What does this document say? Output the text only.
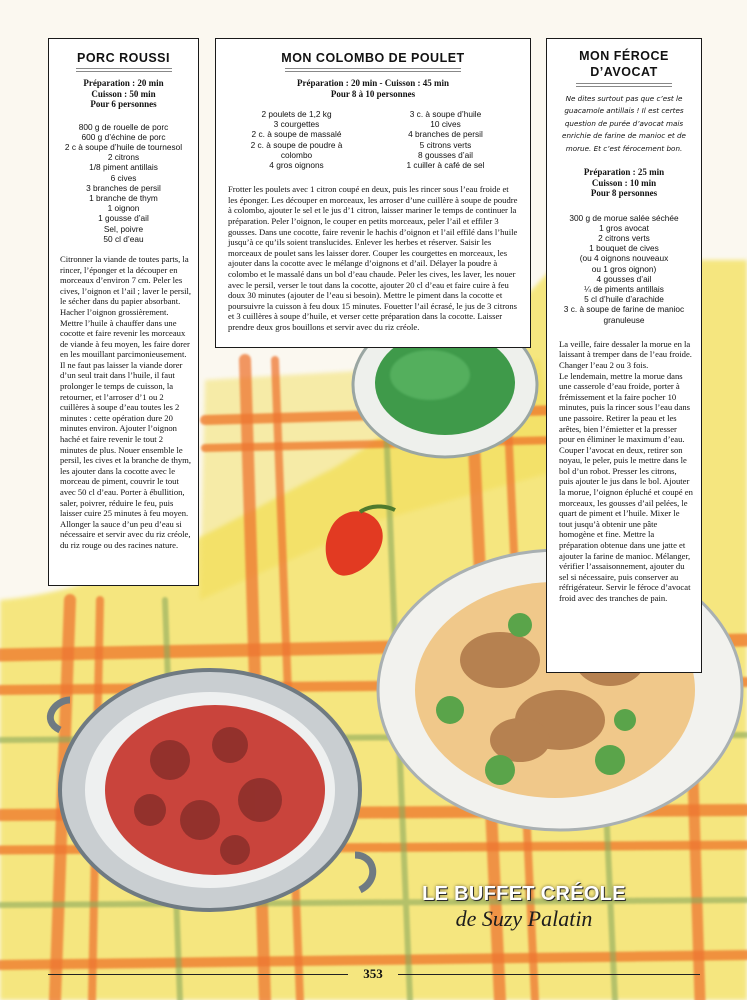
PORC ROUSSI
Préparation : 20 min
Cuisson : 50 min
Pour 6 personnes
800 g de rouelle de porc
600 g d’échine de porc
2 c à soupe d’huile de tournesol
2 citrons
1/8 piment antillais
6 cives
3 branches de persil
1 branche de thym
1 oignon
1 gousse d’ail
Sel, poivre
50 cl d’eau

Citronner la viande de toutes parts, la rincer, l’éponger et la découper en morceaux d’environ 7 cm. Peler les cives, l’oignon et l’ail ; laver le persil, le sécher dans du papier absorbant. Hacher l’oignon grossièrement. Mettre l’huile à chauffer dans une cocotte et faire revenir les morceaux de viande à feu moyen, les faire dorer en les mouillant parcimonieusement. Il ne faut pas laisser la viande dorer d’un seul trait dans l’huile, il faut prolonger le temps de cuisson, la retourner, et l’arroser d’1 ou 2 cuillères à soupe d’eau toutes les 2 minutes : cette opération dure 20 minutes environ. Ajouter l’oignon haché et faire revenir le tout 2 minutes de plus. Nouer ensemble le persil, les cives et la branche de thym, les ajouter dans la cocotte avec le morceau de piment, couvrir le tout avec 50 cl d’eau. Porter à ébullition, saler, poivrer, réduire le feu, puis laisser cuire 25 minutes à feu moyen. Allonger la sauce d’un peu d’eau si nécessaire et servir avec du riz créole, du riz rouge ou des racines nature.

MON COLOMBO DE POULET
Préparation : 20 min - Cuisson : 45 min
Pour 8 à 10 personnes
2 poulets de 1,2 kg
3 courgettes
2 c. à soupe de massalé
2 c. à soupe de poudre à
colombo
4 gros oignons
3 c. à soupe d’huile
10 cives
4 branches de persil
5 citrons verts
8 gousses d’ail
1 cuiller à café de sel

Frotter les poulets avec 1 citron coupé en deux, puis les rincer sous l’eau froide et les éponger. Les découper en morceaux, les arroser d’une cuillère à soupe de poudre à colombo, ajouter le sel et le jus d’1 citron, laisser mariner le temps de continuer la préparation. Peler l’oignon, le couper en petits morceaux, peler l’ail et effiler 3 gousses. Dans une cocotte, faire revenir le hachis d’oignon et l’ail effilé dans l’huile jusqu’à ce qu’ils soient translucides. Enlever les herbes et réserver. Saisir les morceaux de poulet sans les laisser dorer. Couper les courgettes en morceaux, les ajouter dans la cocotte avec le mélange d’oignons et d’ail. Délayer la poudre à colombo et le massalé dans un bol d’eau chaude. Peler les cives, les laver, les nouer avec le persil, verser le tout dans la cocotte, ajouter 20 cl d’eau et faire cuire à feu doux 30 minutes (ajouter de l’eau si besoin). Mettre le piment dans la cocotte et poursuivre la cuisson à feu doux 15 minutes. Fouetter l’ail écrasé, le jus de 3 citrons et 3 cuillères à soupe d’huile, et verser cette préparation dans la cocotte. Laisser prendre deux gros bouillons et servir avec du riz créole.

MON FÉROCE
D’AVOCAT
Ne dites surtout pas que c’est le guacamole antillais ! Il est certes question de purée d’avocat mais enrichie de farine de manioc et de morue. Et c’est férocement bon.
Préparation : 25 min
Cuisson : 10 min
Pour 8 personnes
300 g de morue salée séchée
1 gros avocat
2 citrons verts
1 bouquet de cives
(ou 4 oignons nouveaux
ou 1 gros oignon)
4 gousses d’ail
¼ de piments antillais
5 cl d’huile d’arachide
3 c. à soupe de farine de manioc
granuleuse

La veille, faire dessaler la morue en la laissant à tremper dans de l’eau froide. Changer l’eau 2 ou 3 fois.

Le lendemain, mettre la morue dans une casserole d’eau froide, porter à frémissement et la faire pocher 10 minutes, puis la rincer sous l’eau dans une passoire. Retirer la peau et les arêtes, bien l’émietter et la presser pour en éliminer le maximum d’eau. Couper l’avocat en deux, retirer son noyau, le peler, puis le mettre dans le bol d’un robot. Presser les citrons, puis ajouter le jus dans le bol. Ajouter la morue, l’oignon épluché et coupé en morceaux, les gousses d’ail pelées, le quart de piment et l’huile. Mixer le tout jusqu’à obtenir une pâte homogène et fine. Mettre la préparation obtenue dans une jatte et ajouter la farine de manioc. Mélanger, vérifier l’assaisonnement, ajouter du sel si nécessaire, puis conserver au réfrigérateur. Servir le féroce d’avocat froid avec des tranches de pain.

LE BUFFET CRÉOLE
de Suzy Palatin
353
